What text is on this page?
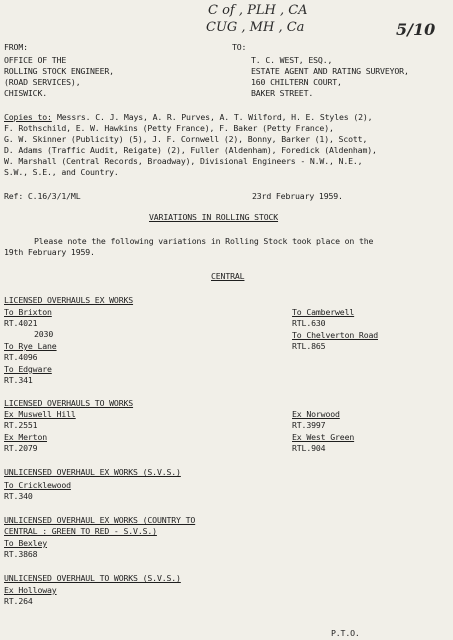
C of , PLH , CA
CUG , MH , Ca	5/10
FROM:
OFFICE OF THE
ROLLING STOCK ENGINEER,
(ROAD SERVICES),
CHISWICK.
TO:
T. C. WEST, ESQ.,
ESTATE AGENT AND RATING SURVEYOR,
160 CHILTERN COURT,
BAKER STREET.
Copies to: Messrs. C. J. Mays, A. R. Purves, A. T. Wilford, H. E. Styles (2),
F. Rothschild, E. W. Hawkins (Petty France), F. Baker (Petty France),
G. W. Skinner (Publicity) (5), J. F. Cornwell (2), Bonny, Barker (1), Scott,
D. Adams (Traffic Audit, Reigate) (2), Fuller (Aldenham), Foredick (Aldenham),
W. Marshall (Central Records, Broadway), Divisional Engineers - N.W., N.E.,
S.W., S.E., and Country.
Ref: C.16/3/1/ML	23rd February 1959.
VARIATIONS IN ROLLING STOCK
Please note the following variations in Rolling Stock took place on the
19th February 1959.
CENTRAL
LICENSED OVERHAULS EX WORKS
To Brixton
RT.4021
2030
To Rye Lane
RT.4096
To Edgware
RT.341
To Camberwell
RTL.630
To Chelverton Road
RTL.865
LICENSED OVERHAULS TO WORKS
Ex Muswell Hill
RT.2551
Ex Merton
RT.2079
Ex Norwood
RT.3997
Ex West Green
RTL.904
UNLICENSED OVERHAUL EX WORKS (S.V.S.)
To Cricklewood
RT.340
UNLICENSED OVERHAUL EX WORKS (COUNTRY TO
CENTRAL : GREEN TO RED - S.V.S.)
To Bexley
RT.3868
UNLICENSED OVERHAUL TO WORKS (S.V.S.)
Ex Holloway
RT.264
P.T.O.
